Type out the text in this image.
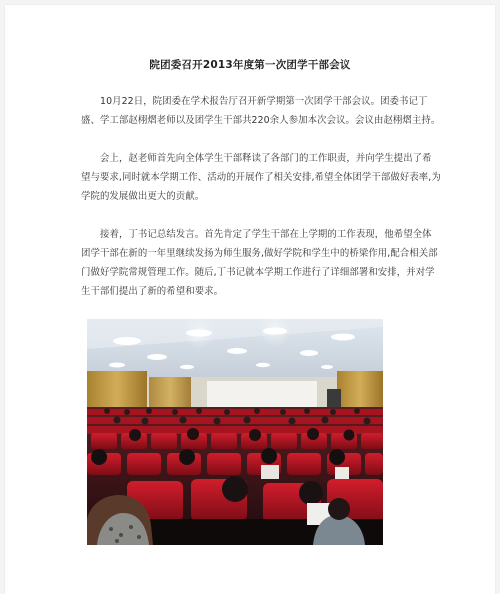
院团委召开2013年度第一次团学干部会议

10月22日，院团委在学术报告厅召开新学期第一次团学干部会议。团委书记丁盛、学工部赵栩熠老师以及团学生干部共220余人参加本次会议。会议由赵栩熠主持。

会上，赵老师首先向全体学生干部释读了各部门的工作职责，并向学生提出了希望与要求,同时就本学期工作、活动的开展作了相关安排,希望全体团学干部做好表率,为学院的发展做出更大的贡献。

接着，丁书记总结发言。首先肯定了学生干部在上学期的工作表现，他希望全体团学干部在新的一年里继续发扬为师生服务,做好学院和学生中的桥梁作用,配合相关部门做好学院常规管理工作。随后,丁书记就本学期工作进行了详细部署和安排，并对学生干部们提出了新的希望和要求。
